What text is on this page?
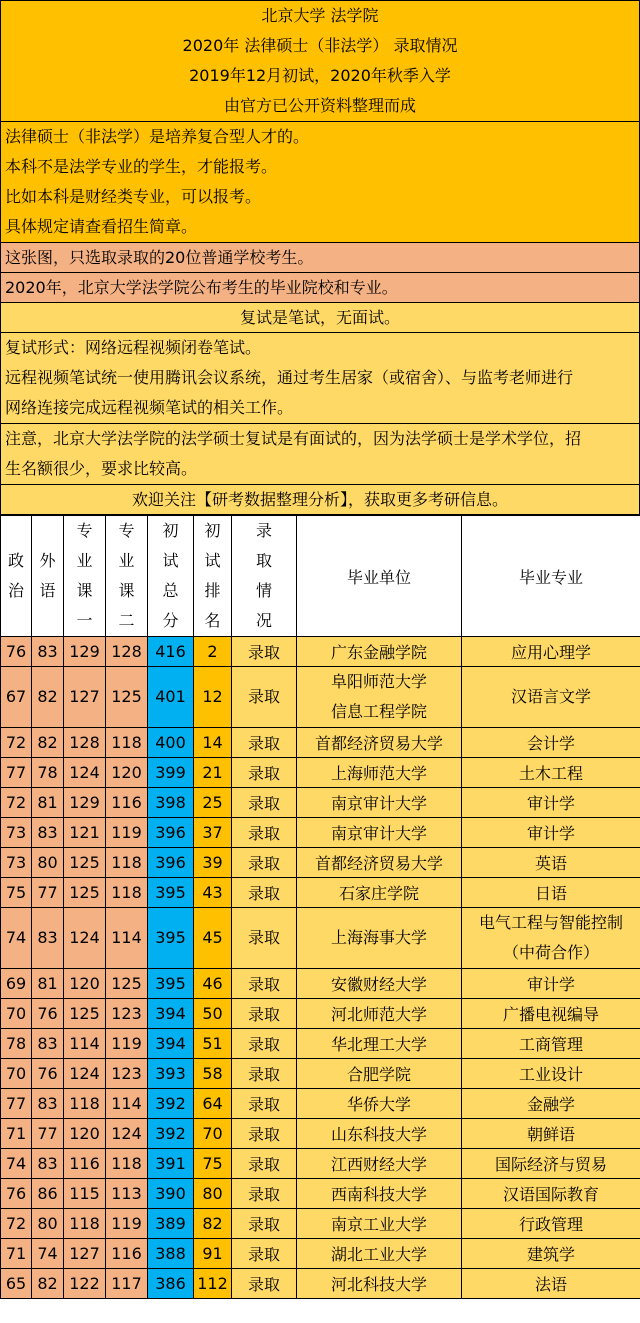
北京大学 法学院
2020年 法律硕士（非法学） 录取情况
2019年12月初试，2020年秋季入学
由官方已公开资料整理而成
法律硕士（非法学）是培养复合型人才的。
本科不是法学专业的学生，才能报考。
比如本科是财经类专业，可以报考。
具体规定请查看招生简章。
这张图，只选取录取的20位普通学校考生。
2020年，北京大学法学院公布考生的毕业院校和专业。
复试是笔试，无面试。
复试形式：网络远程视频闭卷笔试。
远程视频笔试统一使用腾讯会议系统，通过考生居家（或宿舍）、与监考老师进行
网络连接完成远程视频笔试的相关工作。
注意，北京大学法学院的法学硕士复试是有面试的，因为法学硕士是学术学位，招
生名额很少，要求比较高。
欢迎关注【研考数据整理分析】，获取更多考研信息。
政治	外语	专业课一	专业课二	初试总分	初试排名	录取情况	毕业单位	毕业专业
76	83	129	128	416	2	录取	广东金融学院	应用心理学

67	82	127	125	401	12	录取	阜阳师范大学
信息工程学院	汉语言文学

72	82	128	118	400	14	录取	首都经济贸易大学	会计学

77	78	124	120	399	21	录取	上海师范大学	土木工程

72	81	129	116	398	25	录取	南京审计大学	审计学

73	83	121	119	396	37	录取	南京审计大学	审计学

73	80	125	118	396	39	录取	首都经济贸易大学	英语

75	77	125	118	395	43	录取	石家庄学院	日语

74	83	124	114	395	45	录取	上海海事大学	电气工程与智能控制
（中荷合作）

69	81	120	125	395	46	录取	安徽财经大学	审计学

70	76	125	123	394	50	录取	河北师范大学	广播电视编导

78	83	114	119	394	51	录取	华北理工大学	工商管理

70	76	124	123	393	58	录取	合肥学院	工业设计

77	83	118	114	392	64	录取	华侨大学	金融学

71	77	120	124	392	70	录取	山东科技大学	朝鲜语

74	83	116	118	391	75	录取	江西财经大学	国际经济与贸易

76	86	115	113	390	80	录取	西南科技大学	汉语国际教育

72	80	118	119	389	82	录取	南京工业大学	行政管理

71	74	127	116	388	91	录取	湖北工业大学	建筑学

65	82	122	117	386	112	录取	河北科技大学	法语
